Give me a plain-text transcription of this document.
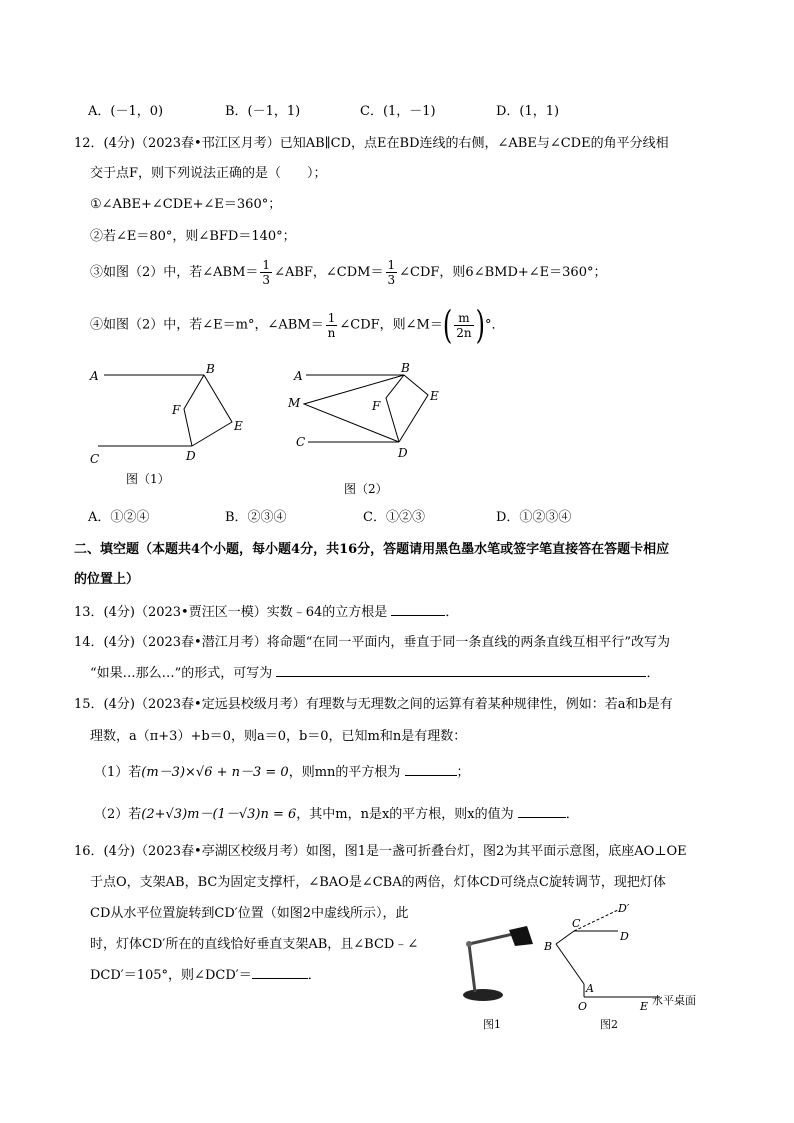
A．(－1，0)	B．(－1，1)	C．(1，－1)	D．(1，1)
12．(4分)（2023春•邗江区月考）已知AB∥CD，点E在BD连线的右侧，∠ABE与∠CDE的角平分线相
交于点F，则下列说法正确的是（　　）；
①∠ABE+∠CDE+∠E＝360°；
②若∠E＝80°，则∠BFD＝140°；
③如图（2）中，若∠ABM＝ $\frac{1}{3}$ ∠ABF，∠CDM＝ $\frac{1}{3}$ ∠CDF，则6∠BMD+∠E＝360°；
④如图（2）中，若∠E＝m°，∠ABM＝ $\frac{1}{n}$ ∠CDF，则∠M＝( $\frac{m}{2n}$ )°．
A	B
F
E
C	D
图（1）
A
B
M	F
E
C
D
图（2）
A．①②④	B．②③④	C．①②③	D．①②③④
二、填空题（本题共4个小题，每小题4分，共16分，答题请用黑色墨水笔或签字笔直接答在答题卡相应
的位置上）
13．(4分)（2023•贾汪区一模）实数﹣64的立方根是	．
14．(4分)（2023春•潜江月考）将命题“在同一平面内，垂直于同一条直线的两条直线互相平行”改写为
“如果…那么…”的形式，可写为	．
15．(4分)（2023春•定远县校级月考）有理数与无理数之间的运算有着某种规律性，例如：若a和b是有
理数，a（π+3）+b＝0，则a＝0，b＝0，已知m和n是有理数：
（1）若(m－3)×√6 + n－3 = 0，则mn的平方根为	；
（2）若(2+√3)m－(1－√3)n = 6，其中m，n是x的平方根，则x的值为	．
16．(4分)（2023春•亭湖区校级月考）如图，图1是一盏可折叠台灯，图2为其平面示意图，底座AO⊥OE
于点O，支架AB，BC为固定支撑杆，∠BAO是∠CBA的两倍，灯体CD可绕点C旋转调节，现把灯体
CD从水平位置旋转到CD′位置（如图2中虚线所示），此
时，灯体CD′所在的直线恰好垂直支架AB，且∠BCD﹣∠
DCD′＝105°，则∠DCD′＝	．
图1
B
C
D
D′
A
O	E 水平桌面
图2
